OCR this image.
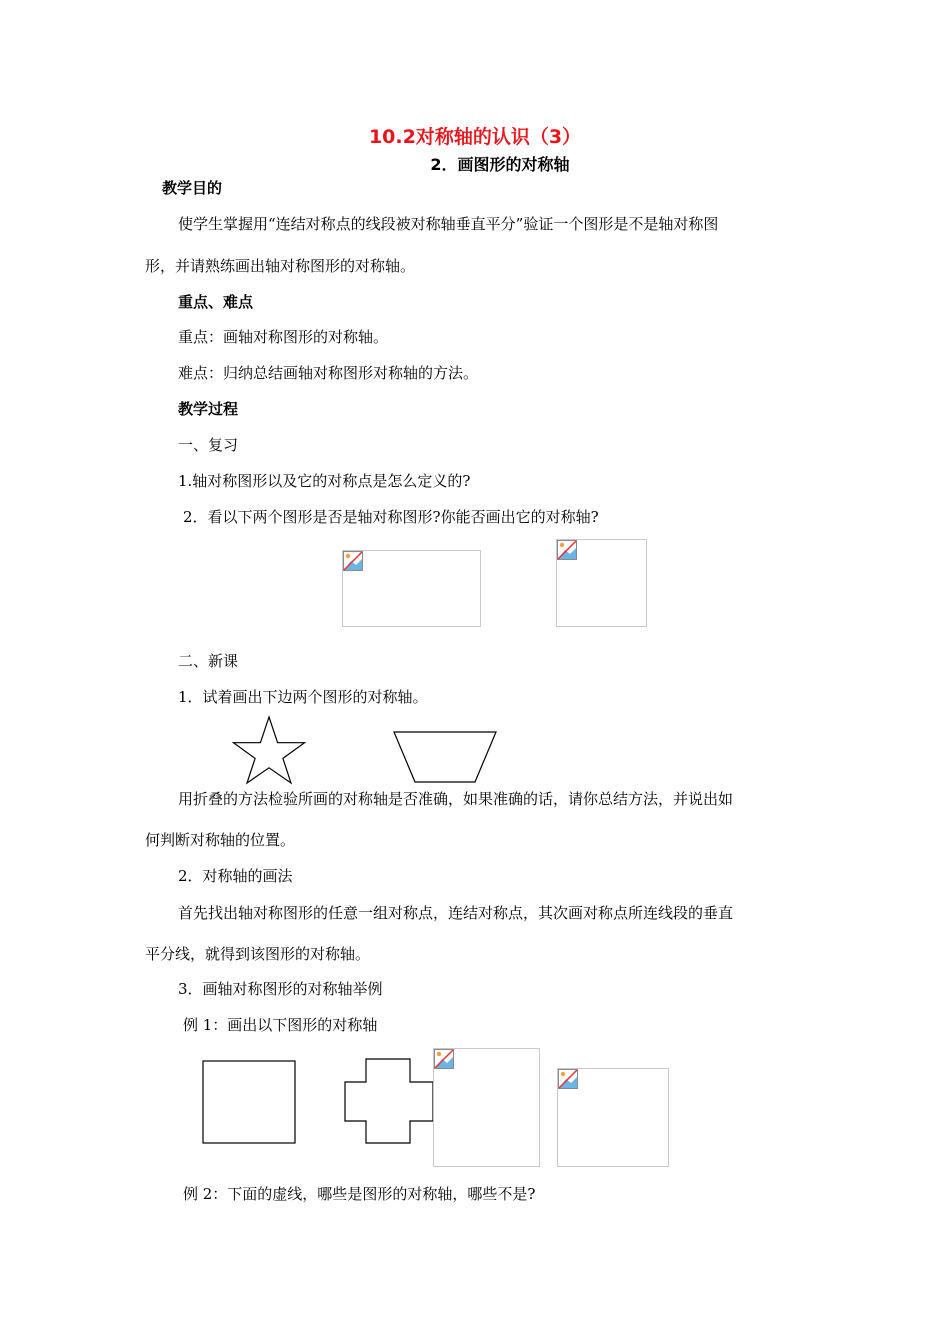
10.2对称轴的认识（3）
2．画图形的对称轴
教学目的
使学生掌握用“连结对称点的线段被对称轴垂直平分”验证一个图形是不是轴对称图
形，并请熟练画出轴对称图形的对称轴。
重点、难点
重点：画轴对称图形的对称轴。
难点：归纳总结画轴对称图形对称轴的方法。
教学过程
一、复习
1.轴对称图形以及它的对称点是怎么定义的?
2．看以下两个图形是否是轴对称图形?你能否画出它的对称轴?
二、新课
1．试着画出下边两个图形的对称轴。
用折叠的方法检验所画的对称轴是否准确，如果准确的话，请你总结方法，并说出如
何判断对称轴的位置。
2．对称轴的画法
首先找出轴对称图形的任意一组对称点，连结对称点，其次画对称点所连线段的垂直
平分线，就得到该图形的对称轴。
3．画轴对称图形的对称轴举例
例 1：画出以下图形的对称轴
例 2：下面的虚线，哪些是图形的对称轴，哪些不是?
